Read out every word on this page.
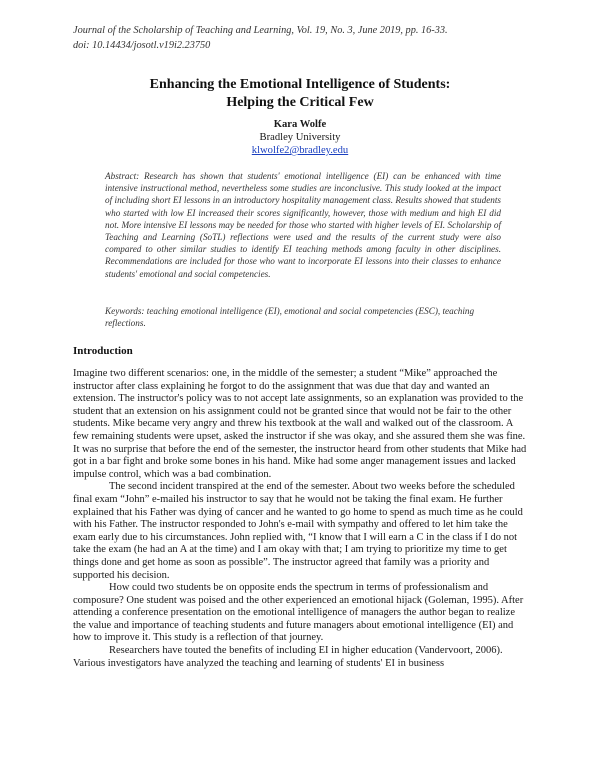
Journal of the Scholarship of Teaching and Learning, Vol. 19, No. 3, June 2019, pp. 16-33.
doi: 10.14434/josotl.v19i2.23750
Enhancing the Emotional Intelligence of Students:
Helping the Critical Few
Kara Wolfe
Bradley University
klwolfe2@bradley.edu
Abstract: Research has shown that students' emotional intelligence (EI) can be enhanced with time intensive instructional method, nevertheless some studies are inconclusive. This study looked at the impact of including short EI lessons in an introductory hospitality management class. Results showed that students who started with low EI increased their scores significantly, however, those with medium and high EI did not. More intensive EI lessons may be needed for those who started with higher levels of EI. Scholarship of Teaching and Learning (SoTL) reflections were used and the results of the current study were also compared to other similar studies to identify EI teaching methods among faculty in other disciplines. Recommendations are included for those who want to incorporate EI lessons into their classes to enhance students' emotional and social competencies.
Keywords: teaching emotional intelligence (EI), emotional and social competencies (ESC), teaching reflections.
Introduction

Imagine two different scenarios: one, in the middle of the semester; a student “Mike” approached the instructor after class explaining he forgot to do the assignment that was due that day and wanted an extension. The instructor's policy was to not accept late assignments, so an explanation was provided to the student that an extension on his assignment could not be granted since that would not be fair to the other students. Mike became very angry and threw his textbook at the wall and walked out of the classroom. A few remaining students were upset, asked the instructor if she was okay, and she assured them she was fine. It was no surprise that before the end of the semester, the instructor heard from other students that Mike had got in a bar fight and broke some bones in his hand. Mike had some anger management issues and lacked impulse control, which was a bad combination.

The second incident transpired at the end of the semester. About two weeks before the scheduled final exam “John” e-mailed his instructor to say that he would not be taking the final exam. He further explained that his Father was dying of cancer and he wanted to go home to spend as much time as he could with his Father. The instructor responded to John's e-mail with sympathy and offered to let him take the exam early due to his circumstances. John replied with, “I know that I will earn a C in the class if I do not take the exam (he had an A at the time) and I am okay with that; I am trying to prioritize my time to get things done and get home as soon as possible”. The instructor agreed that family was a priority and supported his decision.

How could two students be on opposite ends the spectrum in terms of professionalism and composure? One student was poised and the other experienced an emotional hijack (Goleman, 1995). After attending a conference presentation on the emotional intelligence of managers the author began to realize the value and importance of teaching students and future managers about emotional intelligence (EI) and how to improve it. This study is a reflection of that journey.

Researchers have touted the benefits of including EI in higher education (Vandervoort, 2006). Various investigators have analyzed the teaching and learning of students' EI in business
